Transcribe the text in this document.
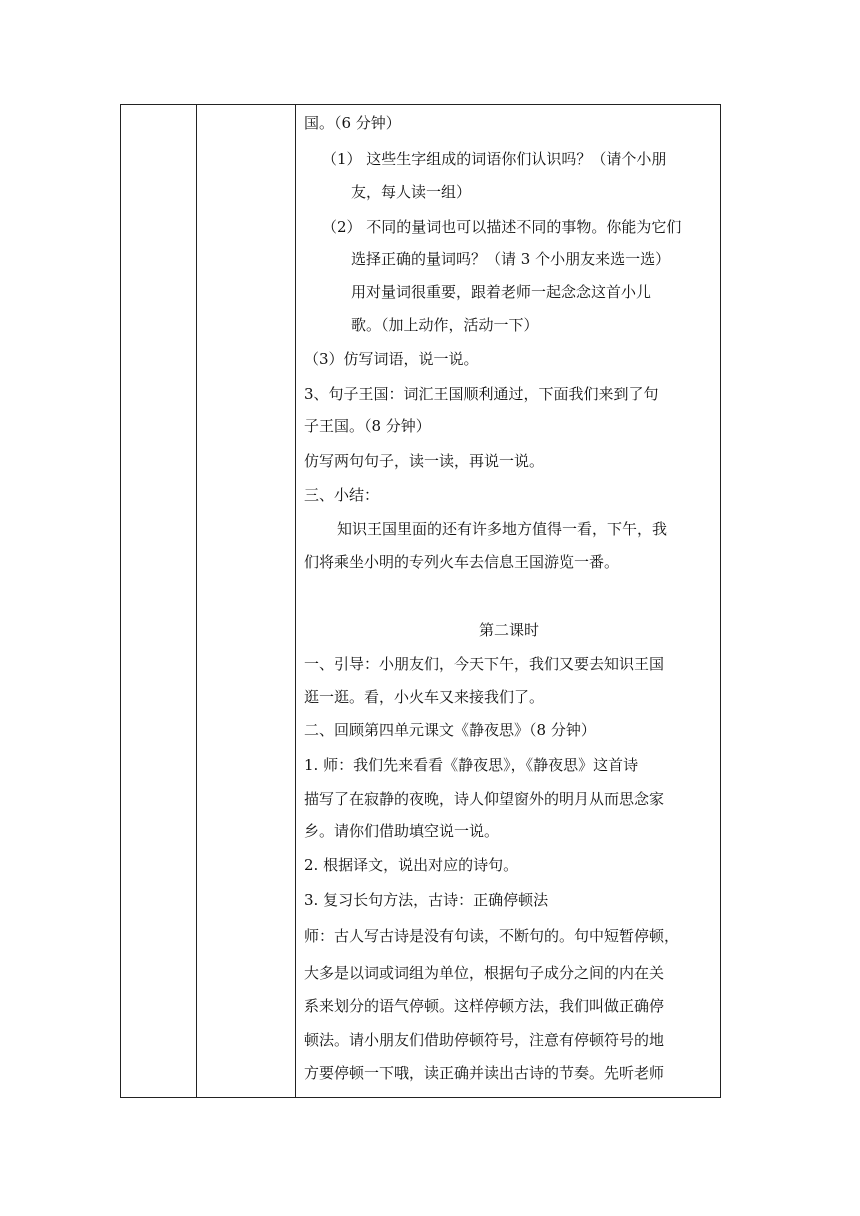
国。（6 分钟）
（1） 这些生字组成的词语你们认识吗？（请个小朋
友，每人读一组）
（2） 不同的量词也可以描述不同的事物。你能为它们
选择正确的量词吗？（请 3 个小朋友来选一选）
用对量词很重要，跟着老师一起念念这首小儿
歌。（加上动作，活动一下）
（3）仿写词语，说一说。
3、句子王国：词汇王国顺利通过，下面我们来到了句
子王国。（8 分钟）
仿写两句句子，读一读，再说一说。
三、小结：
知识王国里面的还有许多地方值得一看，下午，我
们将乘坐小明的专列火车去信息王国游览一番。
第二课时
一、引导：小朋友们，今天下午，我们又要去知识王国
逛一逛。看，小火车又来接我们了。
二、回顾第四单元课文《静夜思》（8 分钟）
1. 师：我们先来看看《静夜思》，《静夜思》这首诗
描写了在寂静的夜晚，诗人仰望窗外的明月从而思念家
乡。请你们借助填空说一说。
2. 根据译文，说出对应的诗句。
3. 复习长句方法，古诗：正确停顿法
师：古人写古诗是没有句读，不断句的。句中短暂停顿，
大多是以词或词组为单位，根据句子成分之间的内在关
系来划分的语气停顿。这样停顿方法，我们叫做正确停
顿法。请小朋友们借助停顿符号，注意有停顿符号的地
方要停顿一下哦，读正确并读出古诗的节奏。先听老师
